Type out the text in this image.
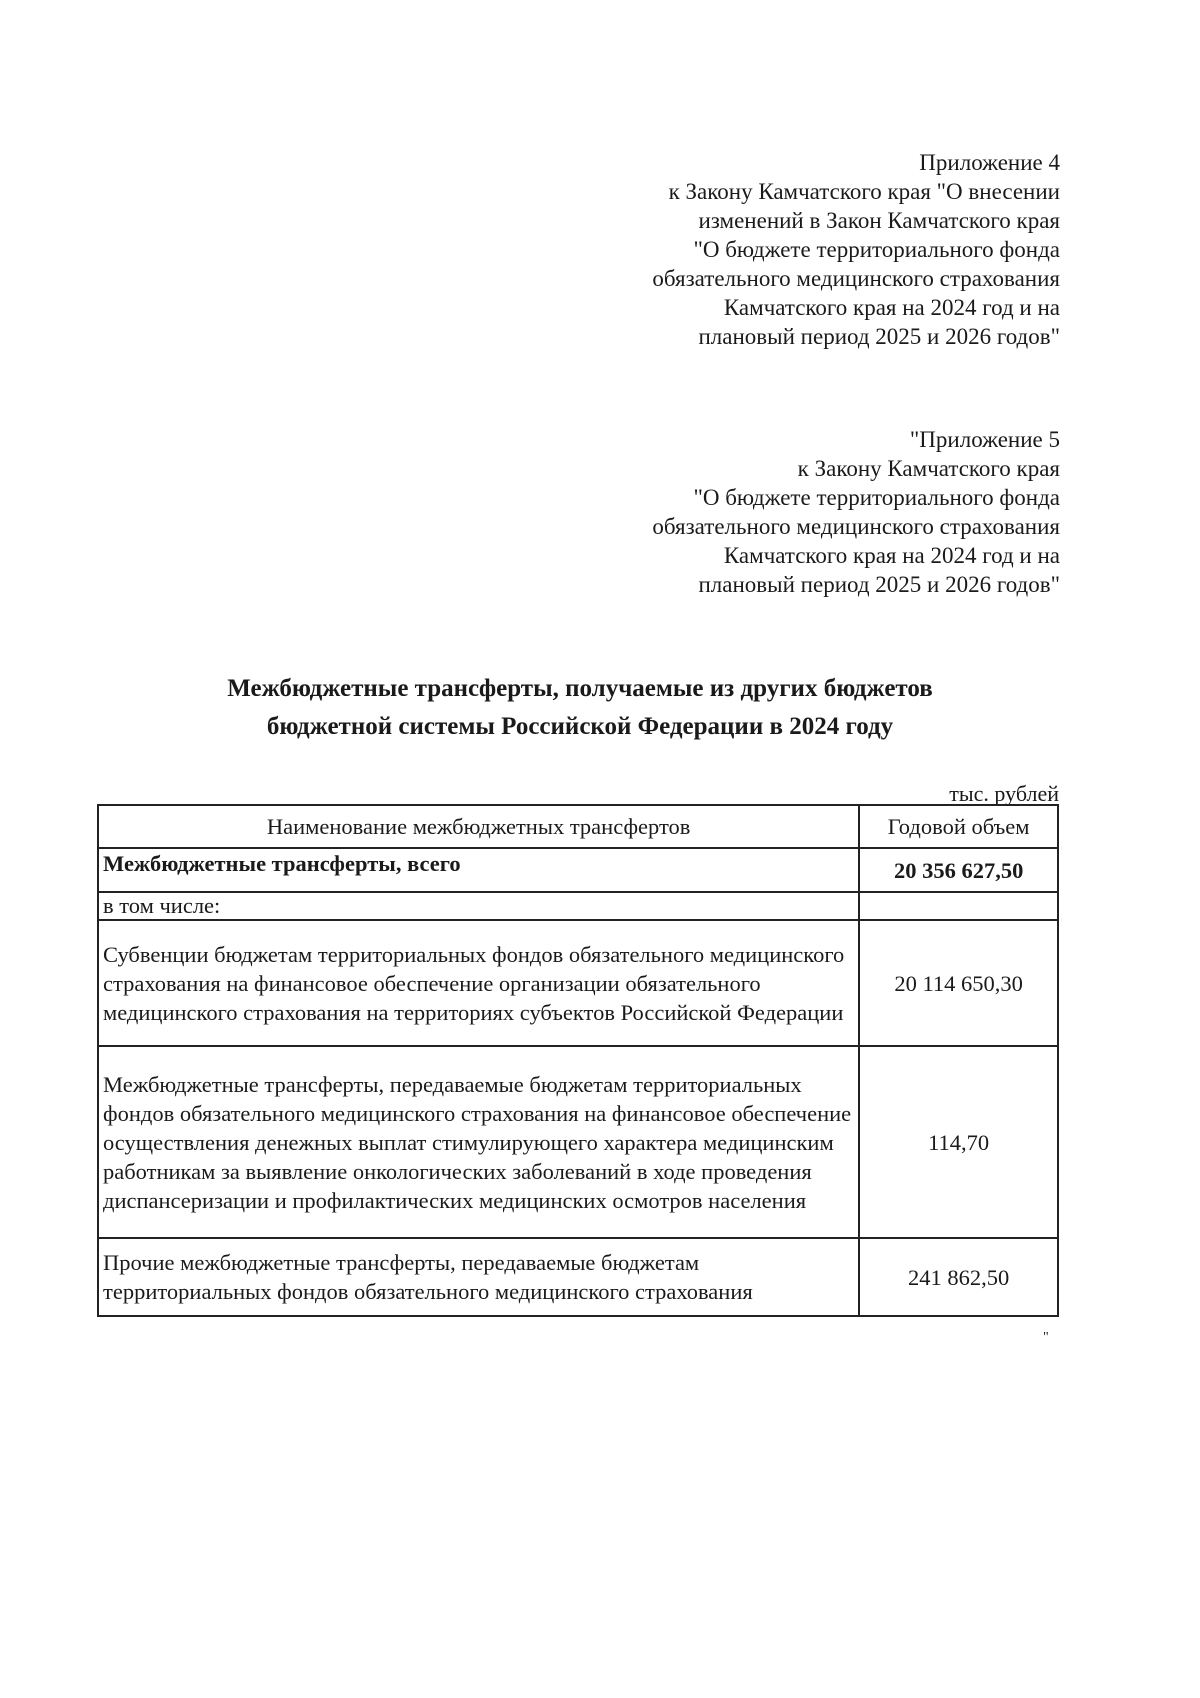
Приложение 4
к Закону Камчатского края "О внесении
изменений в Закон Камчатского края
"О бюджете территориального фонда
обязательного медицинского страхования
Камчатского края на 2024 год и на
плановый период 2025 и 2026 годов"
"Приложение 5
к Закону Камчатского края
"О бюджете территориального фонда
обязательного медицинского страхования
Камчатского края на 2024 год и на
плановый период 2025 и 2026 годов"
Межбюджетные трансферты, получаемые из других бюджетов
бюджетной системы Российской Федерации в 2024 году
тыс. рублей
Наименование межбюджетных трансфертов	Годовой объем
Межбюджетные трансферты, всего	20 356 627,50
в том числе:	
Субвенции бюджетам территориальных фондов обязательного медицинского страхования на финансовое обеспечение организации обязательного медицинского страхования на территориях субъектов Российской Федерации	20 114 650,30
Межбюджетные трансферты, передаваемые бюджетам территориальных фондов обязательного медицинского страхования на финансовое обеспечение осуществления денежных выплат стимулирующего характера медицинским работникам за выявление онкологических заболеваний в ходе проведения диспансеризации и профилактических медицинских осмотров населения	114,70
Прочие межбюджетные трансферты, передаваемые бюджетам территориальных фондов обязательного медицинского страхования	241 862,50
"
